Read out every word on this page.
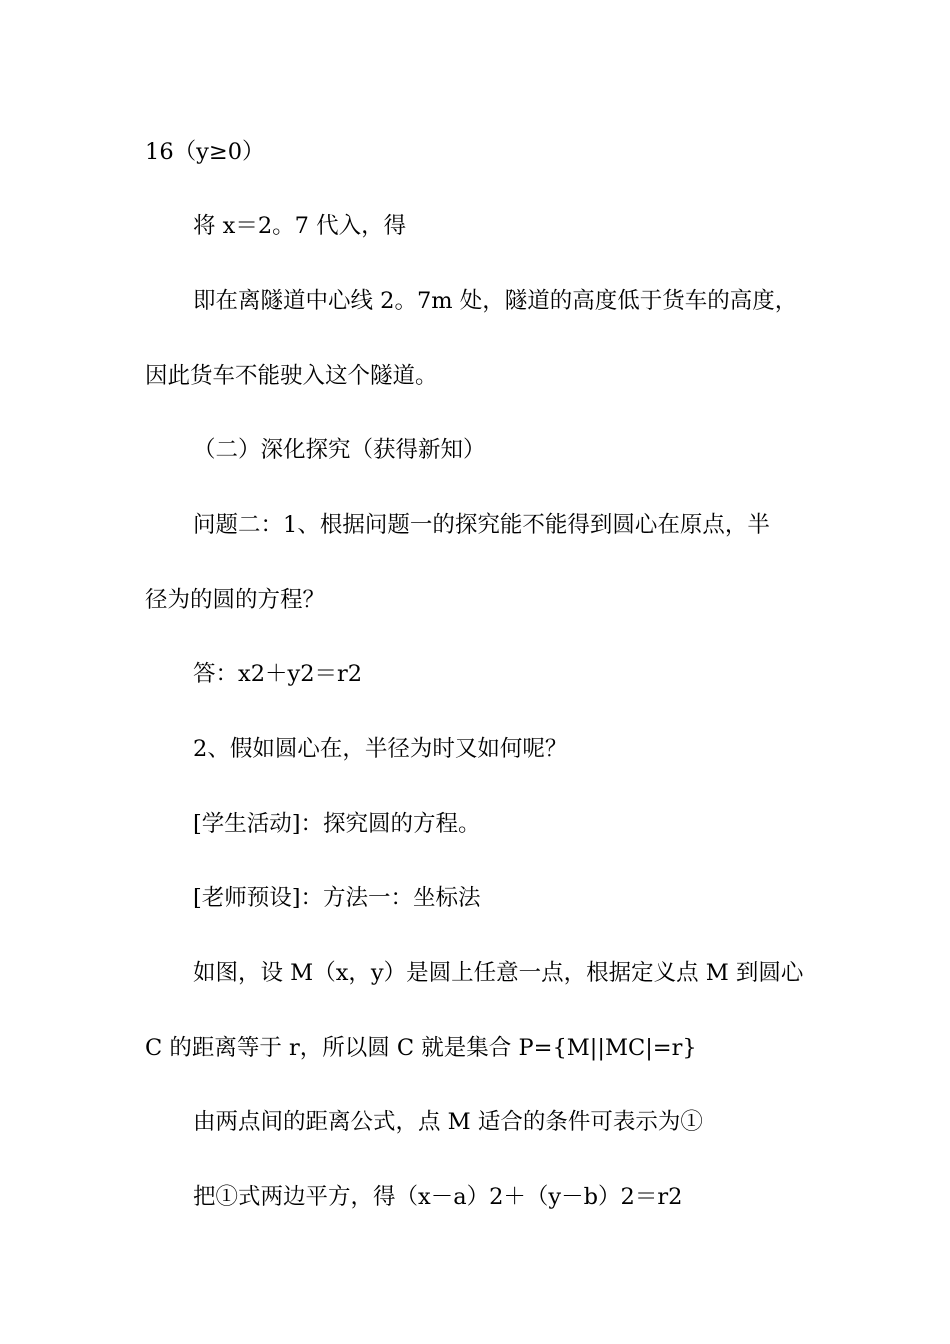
16（y≥0）

将 x＝2。7 代入，得

即在离隧道中心线 2。7m 处，隧道的高度低于货车的高度，

因此货车不能驶入这个隧道。

（二）深化探究（获得新知）

问题二：1、根据问题一的探究能不能得到圆心在原点，半

径为的圆的方程？

答：x2＋y2＝r2

2、假如圆心在，半径为时又如何呢？

[学生活动]：探究圆的方程。

[老师预设]：方法一：坐标法

如图，设 M（x，y）是圆上任意一点，根据定义点 M 到圆心

C 的距离等于 r，所以圆 C 就是集合 P={M||MC|=r}

由两点间的距离公式，点 M 适合的条件可表示为①

把①式两边平方，得（x－a）2＋（y－b）2＝r2
